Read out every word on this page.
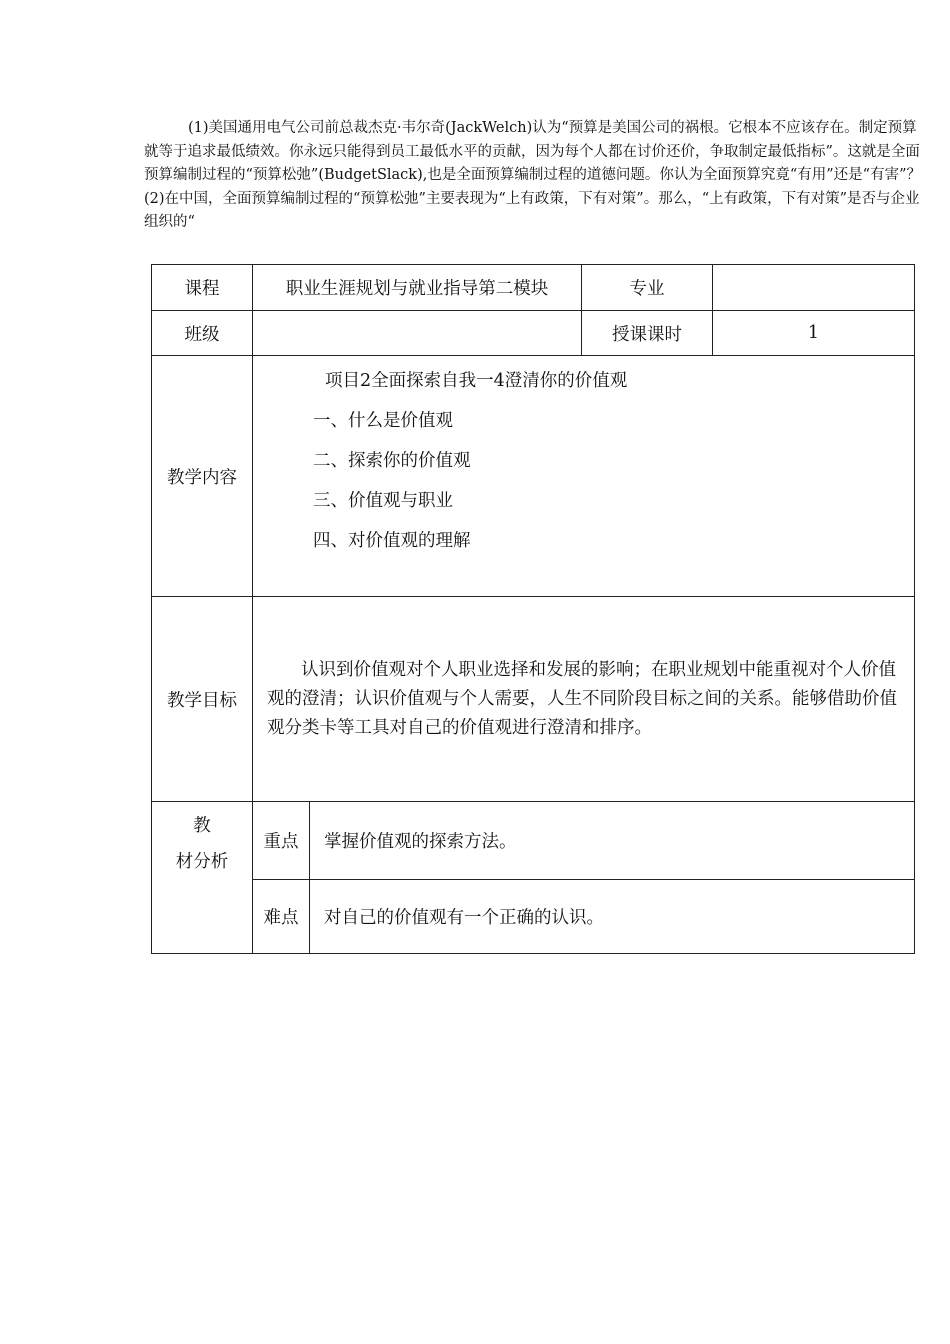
(1)美国通用电气公司前总裁杰克·韦尔奇(JackWelch)认为“预算是美国公司的祸根。它根本不应该存在。制定预算就等于追求最低绩效。你永远只能得到员工最低水平的贡献，因为每个人都在讨价还价，争取制定最低指标”。这就是全面预算编制过程的“预算松弛”(BudgetSlack),也是全面预算编制过程的道德问题。你认为全面预算究竟“有用”还是“有害”？

(2)在中国，全面预算编制过程的“预算松弛”主要表现为“上有政策，下有对策”。那么，“上有政策，下有对策”是否与企业组织的“

课程	职业生涯规划与就业指导第二模块		专业	
班级			授课课时	1
教学内容	项目2全面探索自我一4澄清你的价值观
一、什么是价值观
二、探索你的价值观
三、价值观与职业
四、对价值观的理解			

教学目标	认识到价值观对个人职业选择和发展的影响；在职业规划中能重视对个人价值观的澄清；认识价值观与个人需要，人生不同阶段目标之间的关系。能够借助价值观分类卡等工具对自己的价值观进行澄清和排序。			

教
材分析	重点	掌握价值观的探索方法。		

	难点	对自己的价值观有一个正确的认识。		
